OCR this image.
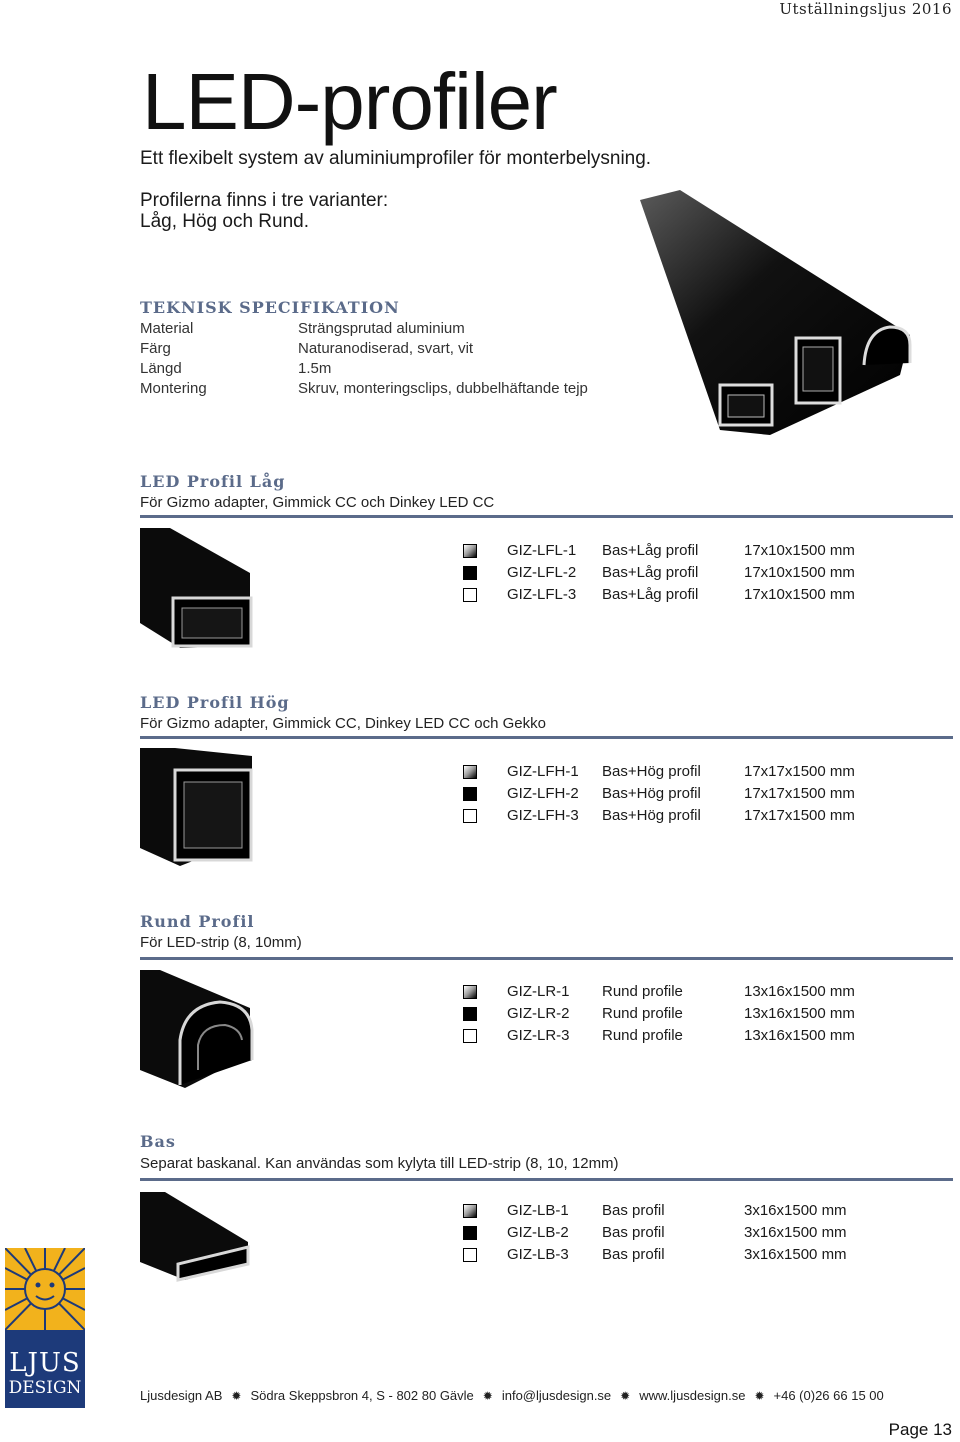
Utställningsljus 2016
LED-profiler
Ett flexibelt system av aluminiumprofiler för monterbelysning.
Profilerna finns i tre varianter:
Låg, Hög och Rund.
TEKNISK SPECIFIKATION
Material	Strängsprutad aluminium
Färg	Naturanodiserad, svart, vit
Längd	1.5m
Montering	Skruv, monteringsclips, dubbelhäftande tejp
LED Profil Låg
För Gizmo adapter, Gimmick CC och Dinkey LED CC
GIZ-LFL-1 Bas+Låg profil	17x10x1500 mm
GIZ-LFL-2 Bas+Låg profil	17x10x1500 mm
GIZ-LFL-3 Bas+Låg profil	17x10x1500 mm
LED Profil Hög
För Gizmo adapter, Gimmick CC, Dinkey LED CC och Gekko
GIZ-LFH-1 Bas+Hög profil	17x17x1500 mm
GIZ-LFH-2 Bas+Hög profil	17x17x1500 mm
GIZ-LFH-3 Bas+Hög profil	17x17x1500 mm
Rund Profil
För LED-strip (8, 10mm)
GIZ-LR-1 Rund profile	13x16x1500 mm
GIZ-LR-2 Rund profile	13x16x1500 mm
GIZ-LR-3 Rund profile	13x16x1500 mm
Bas
Separat baskanal. Kan användas som kylyta till LED-strip (8, 10, 12mm)
GIZ-LB-1 Bas profil	3x16x1500 mm
GIZ-LB-2 Bas profil	3x16x1500 mm
GIZ-LB-3 Bas profil	3x16x1500 mm
LJUS
DESIGN	Ljusdesign AB ✹ Södra Skeppsbron 4, S - 802 80 Gävle ✹ info@ljusdesign.se ✹ www.ljusdesign.se ✹ +46 (0)26 66 15 00
Page 13
